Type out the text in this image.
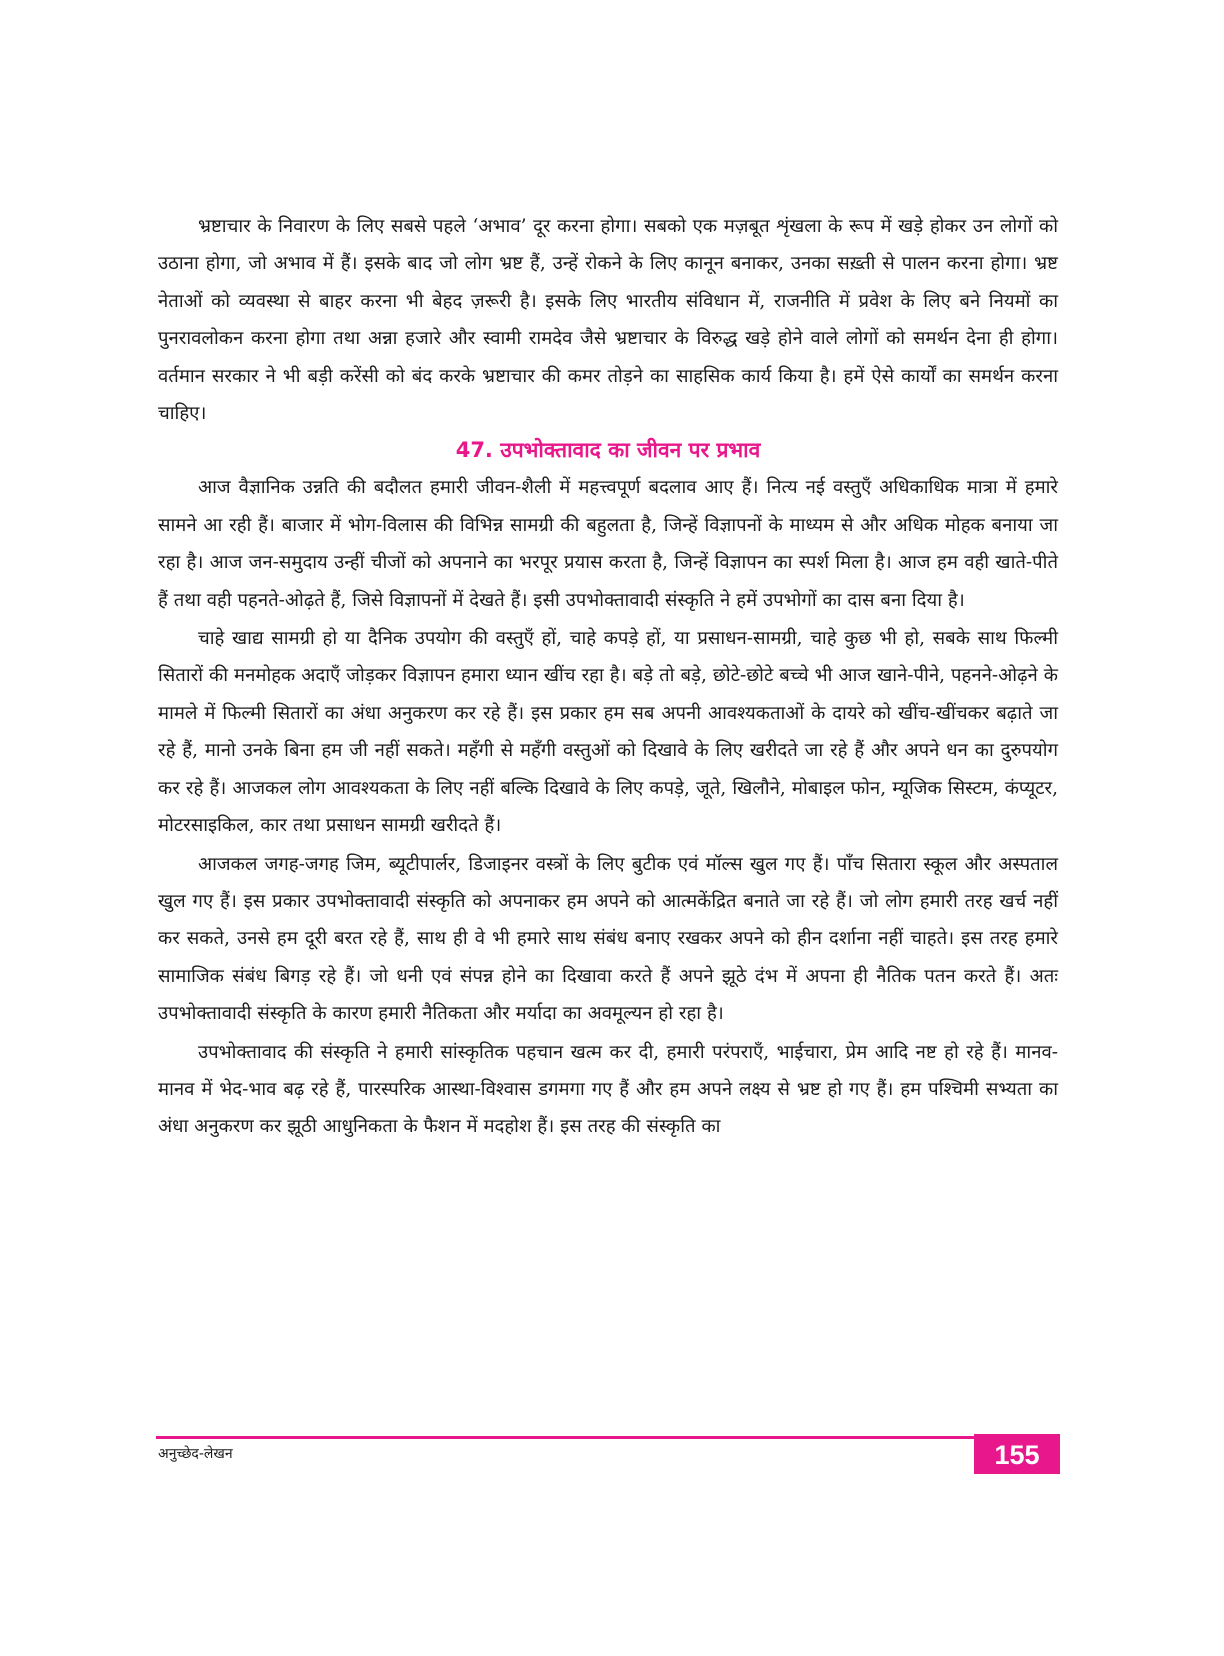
भ्रष्टाचार के निवारण के लिए सबसे पहले ‘अभाव’ दूर करना होगा। सबको एक मज़बूत शृंखला के रूप में खड़े होकर उन लोगों को उठाना होगा, जो अभाव में हैं। इसके बाद जो लोग भ्रष्ट हैं, उन्हें रोकने के लिए कानून बनाकर, उनका सख़्ती से पालन करना होगा। भ्रष्ट नेताओं को व्यवस्था से बाहर करना भी बेहद ज़रूरी है। इसके लिए भारतीय संविधान में, राजनीति में प्रवेश के लिए बने नियमों का पुनरावलोकन करना होगा तथा अन्ना हजारे और स्वामी रामदेव जैसे भ्रष्टाचार के विरुद्ध खड़े होने वाले लोगों को समर्थन देना ही होगा। वर्तमान सरकार ने भी बड़ी करेंसी को बंद करके भ्रष्टाचार की कमर तोड़ने का साहसिक कार्य किया है। हमें ऐसे कार्यों का समर्थन करना चाहिए।

47. उपभोक्तावाद का जीवन पर प्रभाव

आज वैज्ञानिक उन्नति की बदौलत हमारी जीवन-शैली में महत्त्वपूर्ण बदलाव आए हैं। नित्य नई वस्तुएँ अधिकाधिक मात्रा में हमारे सामने आ रही हैं। बाजार में भोग-विलास की विभिन्न सामग्री की बहुलता है, जिन्हें विज्ञापनों के माध्यम से और अधिक मोहक बनाया जा रहा है। आज जन-समुदाय उन्हीं चीजों को अपनाने का भरपूर प्रयास करता है, जिन्हें विज्ञापन का स्पर्श मिला है। आज हम वही खाते-पीते हैं तथा वही पहनते-ओढ़ते हैं, जिसे विज्ञापनों में देखते हैं। इसी उपभोक्तावादी संस्कृति ने हमें उपभोगों का दास बना दिया है।

चाहे खाद्य सामग्री हो या दैनिक उपयोग की वस्तुएँ हों, चाहे कपड़े हों, या प्रसाधन-सामग्री, चाहे कुछ भी हो, सबके साथ फिल्मी सितारों की मनमोहक अदाएँ जोड़कर विज्ञापन हमारा ध्यान खींच रहा है। बड़े तो बड़े, छोटे-छोटे बच्चे भी आज खाने-पीने, पहनने-ओढ़ने के मामले में फिल्मी सितारों का अंधा अनुकरण कर रहे हैं। इस प्रकार हम सब अपनी आवश्यकताओं के दायरे को खींच-खींचकर बढ़ाते जा रहे हैं, मानो उनके बिना हम जी नहीं सकते। महँगी से महँगी वस्तुओं को दिखावे के लिए खरीदते जा रहे हैं और अपने धन का दुरुपयोग कर रहे हैं। आजकल लोग आवश्यकता के लिए नहीं बल्कि दिखावे के लिए कपड़े, जूते, खिलौने, मोबाइल फोन, म्यूजिक सिस्टम, कंप्यूटर, मोटरसाइकिल, कार तथा प्रसाधन सामग्री खरीदते हैं।

आजकल जगह-जगह जिम, ब्यूटीपार्लर, डिजाइनर वस्त्रों के लिए बुटीक एवं मॉल्स खुल गए हैं। पाँच सितारा स्कूल और अस्पताल खुल गए हैं। इस प्रकार उपभोक्तावादी संस्कृति को अपनाकर हम अपने को आत्मकेंद्रित बनाते जा रहे हैं। जो लोग हमारी तरह खर्च नहीं कर सकते, उनसे हम दूरी बरत रहे हैं, साथ ही वे भी हमारे साथ संबंध बनाए रखकर अपने को हीन दर्शाना नहीं चाहते। इस तरह हमारे सामाजिक संबंध बिगड़ रहे हैं। जो धनी एवं संपन्न होने का दिखावा करते हैं अपने झूठे दंभ में अपना ही नैतिक पतन करते हैं। अतः उपभोक्तावादी संस्कृति के कारण हमारी नैतिकता और मर्यादा का अवमूल्यन हो रहा है।

उपभोक्तावाद की संस्कृति ने हमारी सांस्कृतिक पहचान खत्म कर दी, हमारी परंपराएँ, भाईचारा, प्रेम आदि नष्ट हो रहे हैं। मानव-मानव में भेद-भाव बढ़ रहे हैं, पारस्परिक आस्था-विश्वास डगमगा गए हैं और हम अपने लक्ष्य से भ्रष्ट हो गए हैं। हम पश्चिमी सभ्यता का अंधा अनुकरण कर झूठी आधुनिकता के फैशन में मदहोश हैं। इस तरह की संस्कृति का

अनुच्छेद-लेखन	155
